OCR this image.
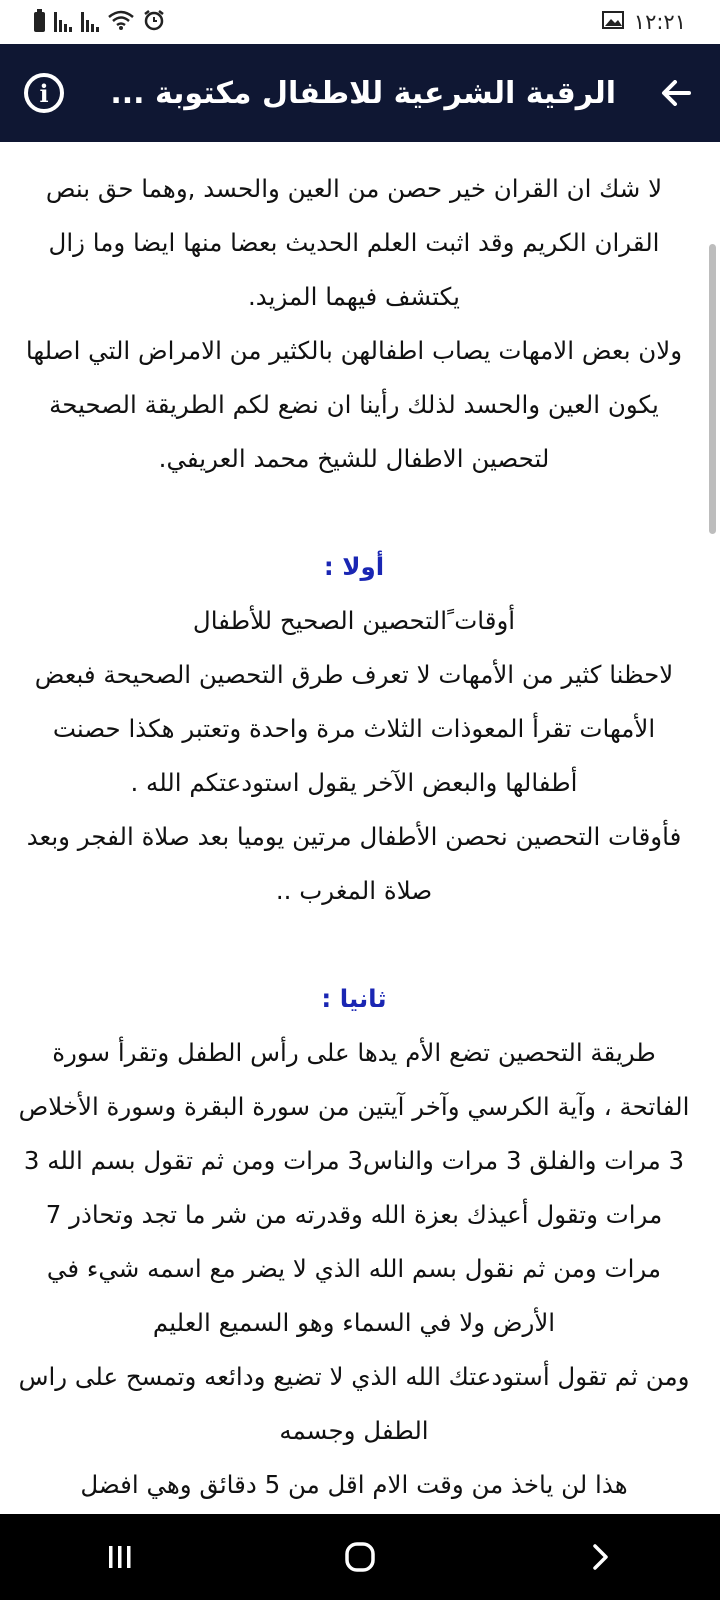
١٢:٢١
i	الرقية الشرعية للاطفال مكتوبة ...

لا شك ان القران خير حصن من العين والحسد ,وهما حق بنص القران الكريم وقد اثبت العلم الحديث بعضا منها ايضا وما زال يكتشف فيهما المزيد.

ولان بعض الامهات يصاب اطفالهن بالكثير من الامراض التي اصلها يكون العين والحسد لذلك رأينا ان نضع لكم الطريقة الصحيحة لتحصين الاطفال للشيخ محمد العريفي.

أولا :

أوقات ًالتحصين الصحيح للأطفال

لاحظنا كثير من الأمهات لا تعرف طرق التحصين الصحيحة فبعض الأمهات تقرأ المعوذات الثلاث مرة واحدة وتعتبر هكذا حصنت أطفالها والبعض الآخر يقول استودعتكم الله .

فأوقات التحصين نحصن الأطفال مرتين يوميا بعد صلاة الفجر وبعد صلاة المغرب ..

ثانيا :

طريقة التحصين تضع الأم يدها على رأس الطفل وتقرأ سورة الفاتحة ، وآية الكرسي وآخر آيتين من سورة البقرة وسورة الأخلاص 3 مرات والفلق 3 مرات والناس3 مرات ومن ثم تقول بسم الله 3 مرات وتقول أعيذك بعزة الله وقدرته من شر ما تجد وتحاذر 7 مرات ومن ثم نقول بسم الله الذي لا يضر مع اسمه شيء في الأرض ولا في السماء وهو السميع العليم

ومن ثم تقول أستودعتك الله الذي لا تضيع ودائعه وتمسح على راس الطفل وجسمه

هذا لن ياخذ من وقت الام اقل من 5 دقائق وهي افضل
